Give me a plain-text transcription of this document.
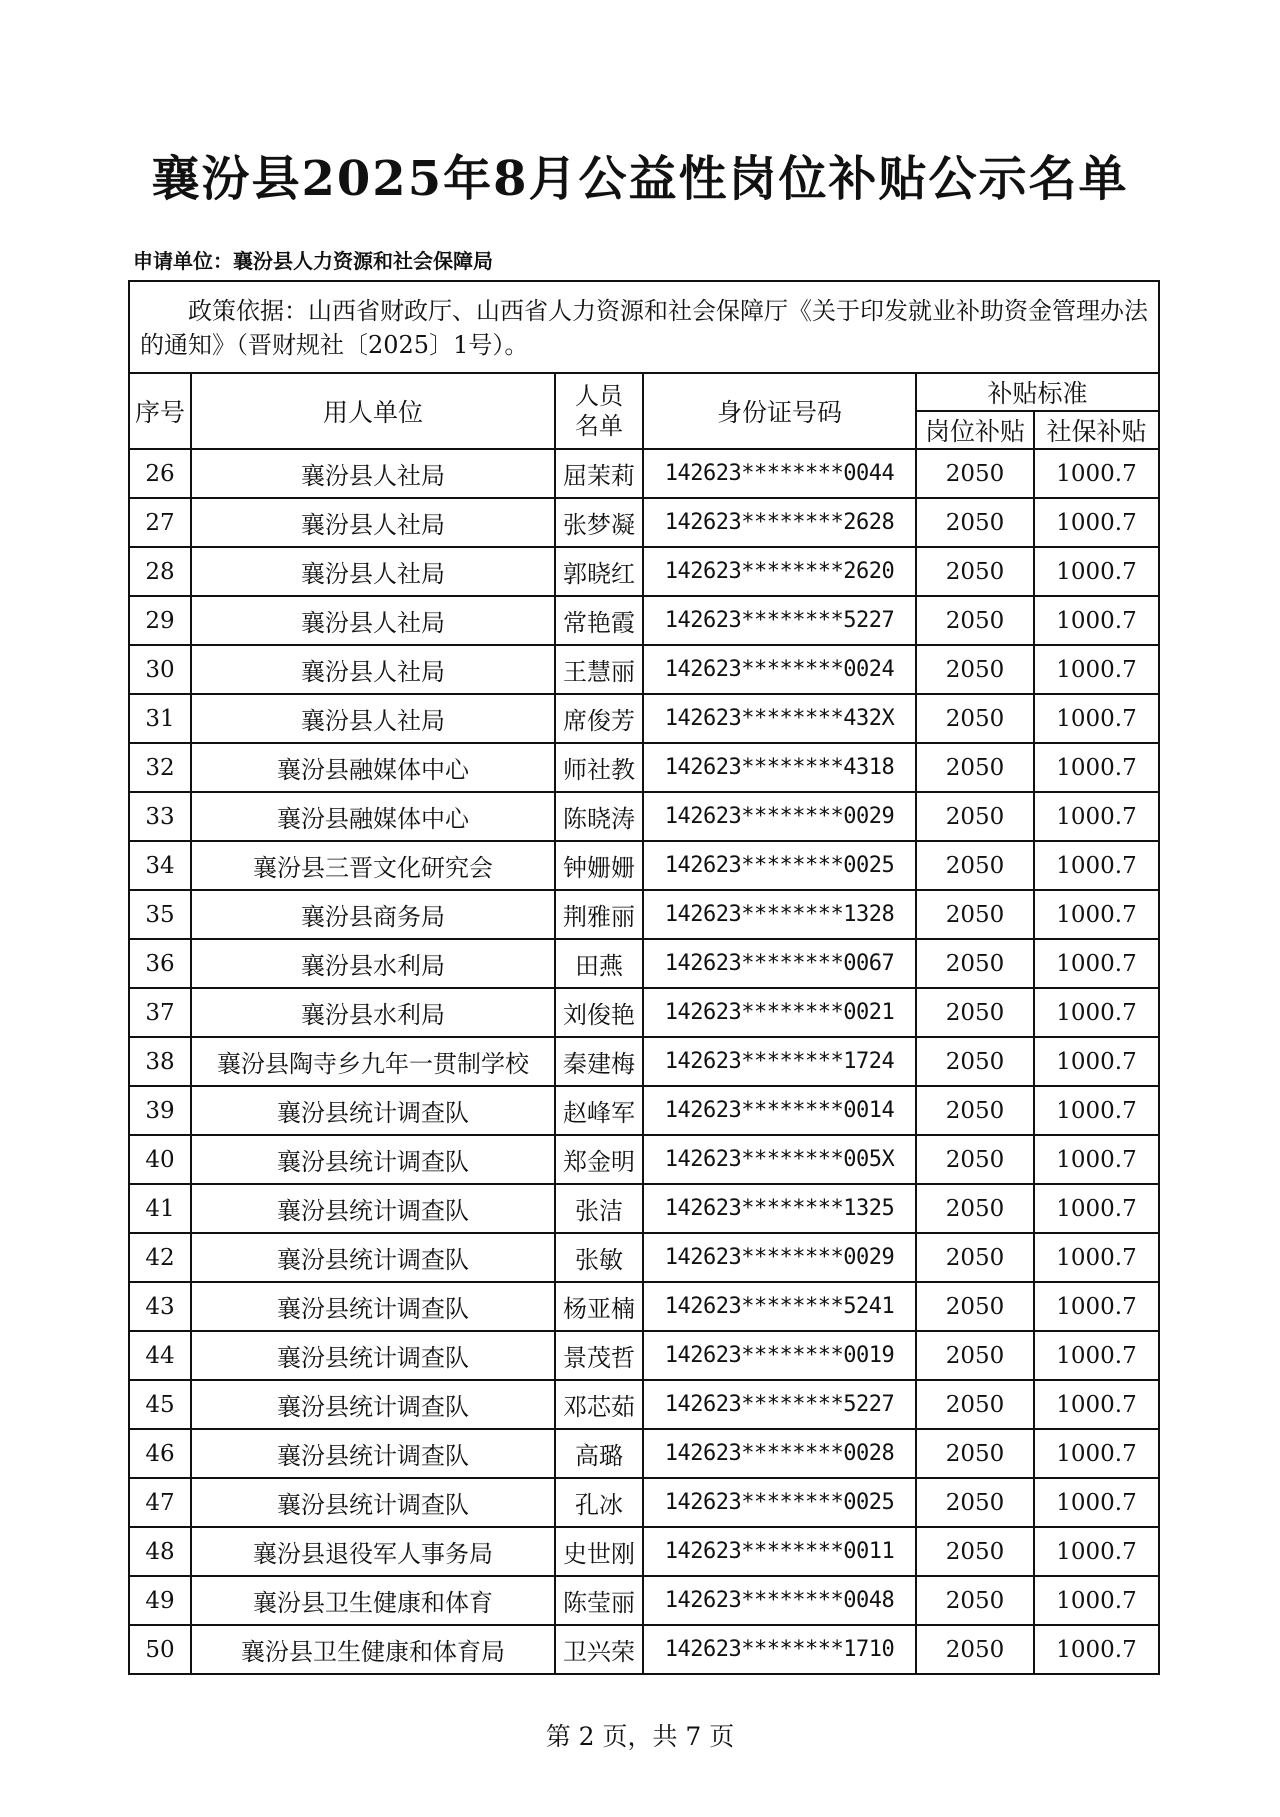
襄汾县2025年8月公益性岗位补贴公示名单
申请单位：襄汾县人力资源和社会保障局
政策依据：山西省财政厅、山西省人力资源和社会保障厅《关于印发就业补助资金管理办法的通知》（晋财规社〔2025〕1号）。					
序号	用人单位	人员名单	身份证号码	补贴标准	
				岗位补贴	社保补贴
26	襄汾县人社局	屈茉莉	142623********0044	2050	1000.7
27	襄汾县人社局	张梦凝	142623********2628	2050	1000.7
28	襄汾县人社局	郭晓红	142623********2620	2050	1000.7
29	襄汾县人社局	常艳霞	142623********5227	2050	1000.7
30	襄汾县人社局	王慧丽	142623********0024	2050	1000.7
31	襄汾县人社局	席俊芳	142623********432X	2050	1000.7
32	襄汾县融媒体中心	师社教	142623********4318	2050	1000.7
33	襄汾县融媒体中心	陈晓涛	142623********0029	2050	1000.7
34	襄汾县三晋文化研究会	钟姗姗	142623********0025	2050	1000.7
35	襄汾县商务局	荆雅丽	142623********1328	2050	1000.7
36	襄汾县水利局	田燕	142623********0067	2050	1000.7
37	襄汾县水利局	刘俊艳	142623********0021	2050	1000.7
38	襄汾县陶寺乡九年一贯制学校	秦建梅	142623********1724	2050	1000.7
39	襄汾县统计调查队	赵峰军	142623********0014	2050	1000.7
40	襄汾县统计调查队	郑金明	142623********005X	2050	1000.7
41	襄汾县统计调查队	张洁	142623********1325	2050	1000.7
42	襄汾县统计调查队	张敏	142623********0029	2050	1000.7
43	襄汾县统计调查队	杨亚楠	142623********5241	2050	1000.7
44	襄汾县统计调查队	景茂哲	142623********0019	2050	1000.7
45	襄汾县统计调查队	邓芯茹	142623********5227	2050	1000.7
46	襄汾县统计调查队	高璐	142623********0028	2050	1000.7
47	襄汾县统计调查队	孔冰	142623********0025	2050	1000.7
48	襄汾县退役军人事务局	史世刚	142623********0011	2050	1000.7
49	襄汾县卫生健康和体育	陈莹丽	142623********0048	2050	1000.7
50	襄汾县卫生健康和体育局	卫兴荣	142623********1710	2050	1000.7
第 2 页，共 7 页
